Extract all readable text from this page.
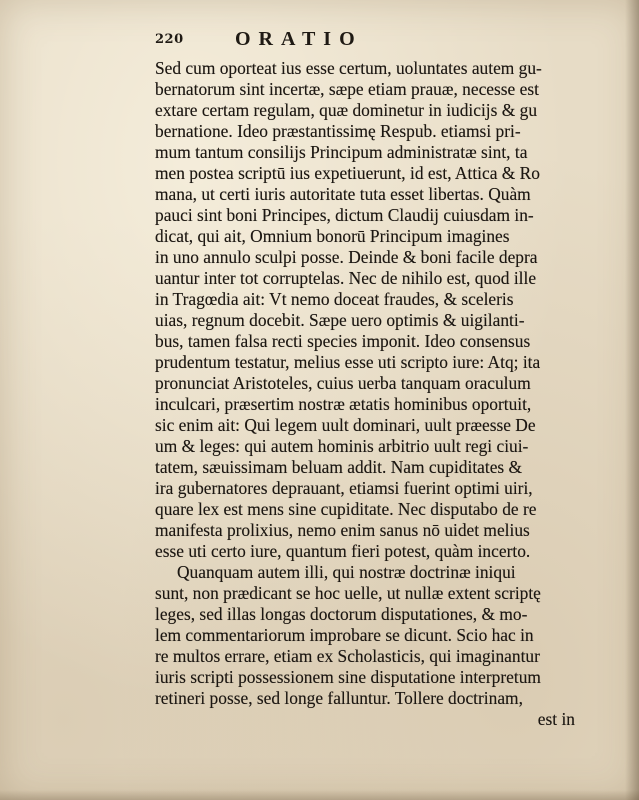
220	ORATIO
Sed cum oporteat ius esse certum, uoluntates autem gu-
bernatorum sint incertæ, sæpe etiam prauæ, necesse est
extare certam regulam, quæ dominetur in iudicijs & gu
bernatione. Ideo præstantissimę Respub. etiamsi pri-
mum tantum consilijs Principum administratæ sint, ta
men postea scriptū ius expetiuerunt, id est, Attica & Ro
mana, ut certi iuris autoritate tuta esset libertas. Quàm
pauci sint boni Principes, dictum Claudij cuiusdam in-
dicat, qui ait, Omnium bonorū Principum imagines
in uno annulo sculpi posse. Deinde & boni facile depra
uantur inter tot corruptelas. Nec de nihilo est, quod ille
in Tragœdia ait: Vt nemo doceat fraudes, & sceleris
uias, regnum docebit. Sæpe uero optimis & uigilanti-
bus, tamen falsa recti species imponit. Ideo consensus
prudentum testatur, melius esse uti scripto iure: Atq; ita
pronunciat Aristoteles, cuius uerba tanquam oraculum
inculcari, præsertim nostræ ætatis hominibus oportuit,
sic enim ait: Qui legem uult dominari, uult præesse De
um & leges: qui autem hominis arbitrio uult regi ciui-
tatem, sæuissimam beluam addit. Nam cupiditates &
ira gubernatores deprauant, etiamsi fuerint optimi uiri,
quare lex est mens sine cupiditate. Nec disputabo de re
manifesta prolixius, nemo enim sanus nō uidet melius
esse uti certo iure, quantum fieri potest, quàm incerto.
Quanquam autem illi, qui nostræ doctrinæ iniqui
sunt, non prædicant se hoc uelle, ut nullæ extent scriptę
leges, sed illas longas doctorum disputationes, & mo-
lem commentariorum improbare se dicunt. Scio hac in
re multos errare, etiam ex Scholasticis, qui imaginantur
iuris scripti possessionem sine disputatione interpretum
retineri posse, sed longe falluntur. Tollere doctrinam,
est in
